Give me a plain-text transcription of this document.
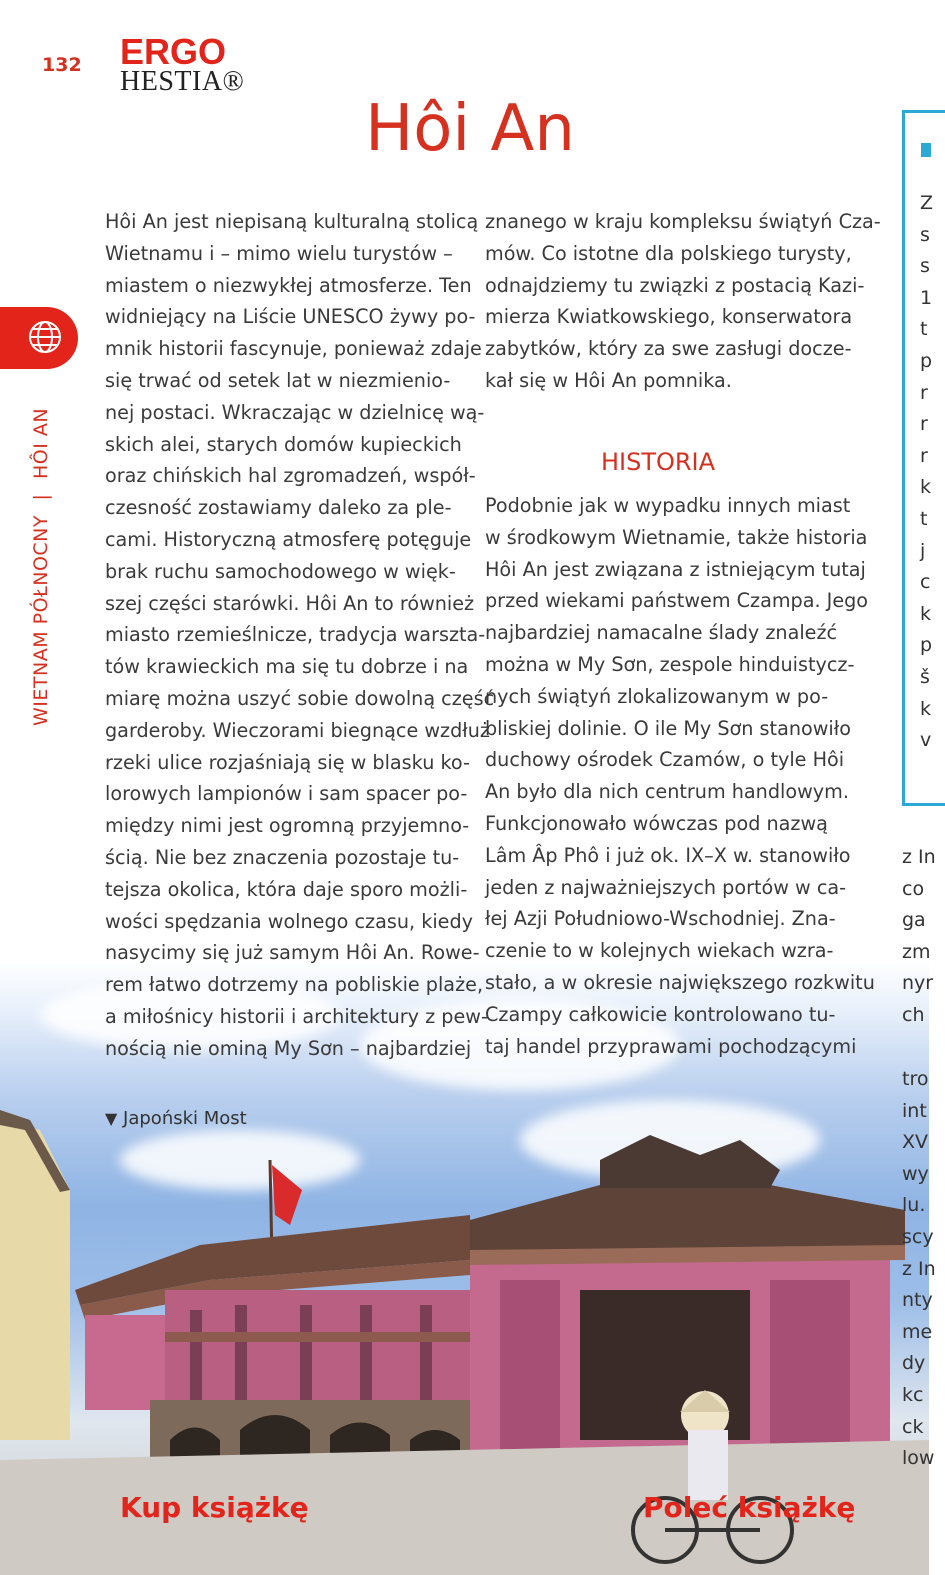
132 ERGO
HESTIA®
Hôi An
WIETNAM PÓŁNOCNY | HÔI AN
Hôi An jest niepisaną kulturalną stolicą
Wietnamu i – mimo wielu turystów –
miastem o niezwykłej atmosferze. Ten
widniejący na Liście UNESCO żywy po-
mnik historii fascynuje, ponieważ zdaje
się trwać od setek lat w niezmienio-
nej postaci. Wkraczając w dzielnicę wą-
skich alei, starych domów kupieckich
oraz chińskich hal zgromadzeń, współ-
czesność zostawiamy daleko za ple-
cami. Historyczną atmosferę potęguje
brak ruchu samochodowego w więk-
szej części starówki. Hôi An to również
miasto rzemieślnicze, tradycja warszta-
tów krawieckich ma się tu dobrze i na
miarę można uszyć sobie dowolną część
garderoby. Wieczorami biegnące wzdłuż
rzeki ulice rozjaśniają się w blasku ko-
lorowych lampionów i sam spacer po-
między nimi jest ogromną przyjemno-
ścią. Nie bez znaczenia pozostaje tu-
tejsza okolica, która daje sporo możli-
wości spędzania wolnego czasu, kiedy
nasycimy się już samym Hôi An. Rowe-
rem łatwo dotrzemy na pobliskie plaże,
a miłośnicy historii i architektury z pew-
nością nie ominą My Sơn – najbardziej
znanego w kraju kompleksu świątyń Cza-
mów. Co istotne dla polskiego turysty,
odnajdziemy tu związki z postacią Kazi-
mierza Kwiatkowskiego, konserwatora
zabytków, który za swe zasługi docze-
kał się w Hôi An pomnika.
HISTORIA
Podobnie jak w wypadku innych miast
w środkowym Wietnamie, także historia
Hôi An jest związana z istniejącym tutaj
przed wiekami państwem Czampa. Jego
najbardziej namacalne ślady znaleźć
można w My Sơn, zespole hinduistycz-
nych świątyń zlokalizowanym w po-
bliskiej dolinie. O ile My Sơn stanowiło
duchowy ośrodek Czamów, o tyle Hôi
An było dla nich centrum handlowym.
Funkcjonowało wówczas pod nazwą
Lâm Âp Phô i już ok. IX–X w. stanowiło
jeden z najważniejszych portów w ca-
łej Azji Południowo-Wschodniej. Zna-
czenie to w kolejnych wiekach wzra-
stało, a w okresie największego rozkwitu
Czampy całkowicie kontrolowano tu-
taj handel przyprawami pochodzącymi
Z
s
s
1
t
p
r
r
r
k
t
j
c
k
p
š
k
v
z In
co
ga
zm
nyr
ch
tro
int
XV
wy
lu.
scy
z In
nty
me
dy
kc
ck
low
▼ Japoński Most
Kup książkę	Poleć książkę
